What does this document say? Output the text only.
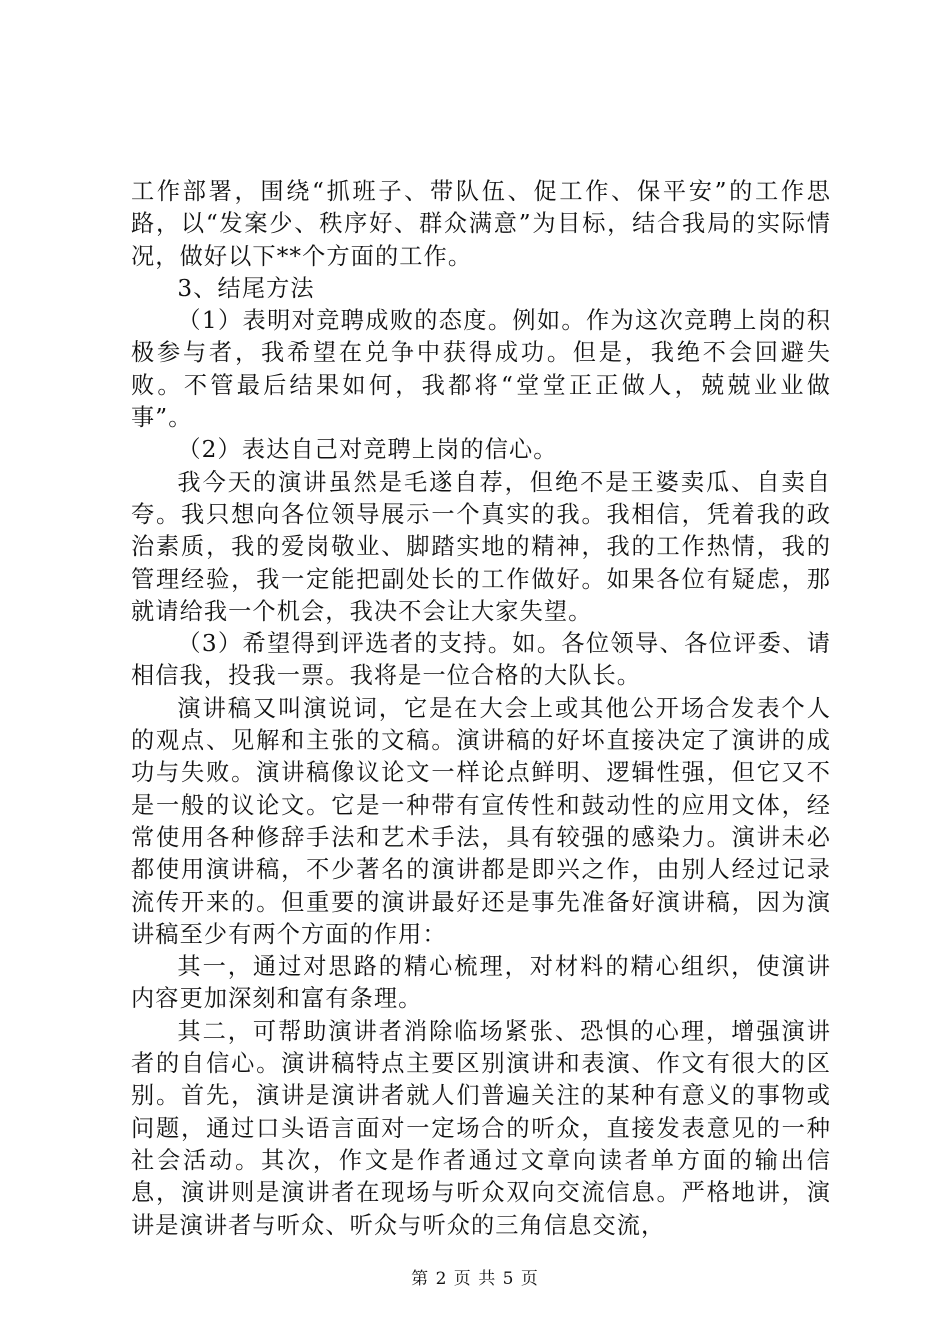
工作部署，围绕“抓班子、带队伍、促工作、保平安”的工作思路，以“发案少、秩序好、群众满意”为目标，结合我局的实际情况，做好以下**个方面的工作。

3、结尾方法

（1）表明对竞聘成败的态度。例如。作为这次竞聘上岗的积极参与者，我希望在兑争中获得成功。但是，我绝不会回避失败。不管最后结果如何，我都将“堂堂正正做人，兢兢业业做事”。

（2）表达自己对竞聘上岗的信心。

我今天的演讲虽然是毛遂自荐，但绝不是王婆卖瓜、自卖自夸。我只想向各位领导展示一个真实的我。我相信，凭着我的政治素质，我的爱岗敬业、脚踏实地的精神，我的工作热情，我的管理经验，我一定能把副处长的工作做好。如果各位有疑虑，那就请给我一个机会，我决不会让大家失望。

（3）希望得到评选者的支持。如。各位领导、各位评委、请相信我，投我一票。我将是一位合格的大队长。

演讲稿又叫演说词，它是在大会上或其他公开场合发表个人的观点、见解和主张的文稿。演讲稿的好坏直接决定了演讲的成功与失败。演讲稿像议论文一样论点鲜明、逻辑性强，但它又不是一般的议论文。它是一种带有宣传性和鼓动性的应用文体，经常使用各种修辞手法和艺术手法，具有较强的感染力。演讲未必都使用演讲稿，不少著名的演讲都是即兴之作，由别人经过记录流传开来的。但重要的演讲最好还是事先准备好演讲稿，因为演讲稿至少有两个方面的作用：

其一，通过对思路的精心梳理，对材料的精心组织，使演讲内容更加深刻和富有条理。

其二，可帮助演讲者消除临场紧张、恐惧的心理，增强演讲者的自信心。演讲稿特点主要区别演讲和表演、作文有很大的区别。首先，演讲是演讲者就人们普遍关注的某种有意义的事物或问题，通过口头语言面对一定场合的听众，直接发表意见的一种社会活动。其次，作文是作者通过文章向读者单方面的输出信息，演讲则是演讲者在现场与听众双向交流信息。严格地讲，演讲是演讲者与听众、听众与听众的三角信息交流，

第 2 页 共 5 页
